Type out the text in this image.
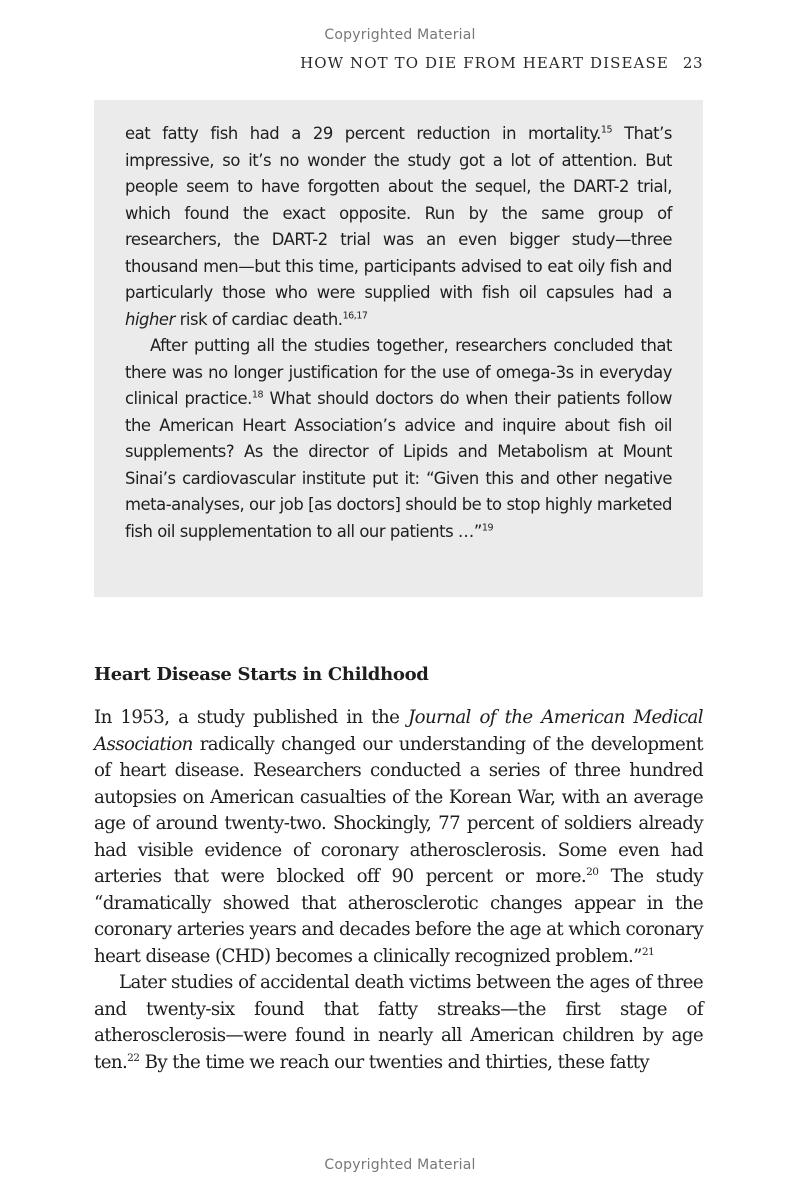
Copyrighted Material
HOW NOT TO DIE FROM HEART DISEASE 23

eat fatty fish had a 29 percent reduction in mortality.$^{15}$ That’s impressive, so it’s no wonder the study got a lot of attention. But people seem to have forgotten about the sequel, the DART-2 trial, which found the exact opposite. Run by the same group of researchers, the DART-2 trial was an even bigger study—three thousand men—but this time, participants advised to eat oily fish and particularly those who were supplied with fish oil capsules had a higher risk of cardiac death.$^{16,17}$

After putting all the studies together, researchers concluded that there was no longer justification for the use of omega-3s in everyday clinical practice.$^{18}$ What should doctors do when their patients follow the American Heart Association’s advice and inquire about fish oil supplements? As the director of Lipids and Metabolism at Mount Sinai’s cardiovascular institute put it: “Given this and other negative meta-analyses, our job [as doctors] should be to stop highly marketed fish oil supplementation to all our patients …”$^{19}$

Heart Disease Starts in Childhood

In 1953, a study published in the Journal of the American Medical Association radically changed our understanding of the development of heart disease. Researchers conducted a series of three hundred autopsies on American casualties of the Korean War, with an average age of around twenty-two. Shockingly, 77 percent of soldiers already had visible evidence of coronary atherosclerosis. Some even had arteries that were blocked off 90 percent or more.$^{20}$ The study “dramatically showed that atherosclerotic changes appear in the coronary arteries years and decades before the age at which coronary heart disease (CHD) becomes a clinically recognized problem.”$^{21}$

Later studies of accidental death victims between the ages of three and twenty-six found that fatty streaks—the first stage of atherosclerosis—were found in nearly all American children by age ten.$^{22}$ By the time we reach our twenties and thirties, these fatty

Copyrighted Material
